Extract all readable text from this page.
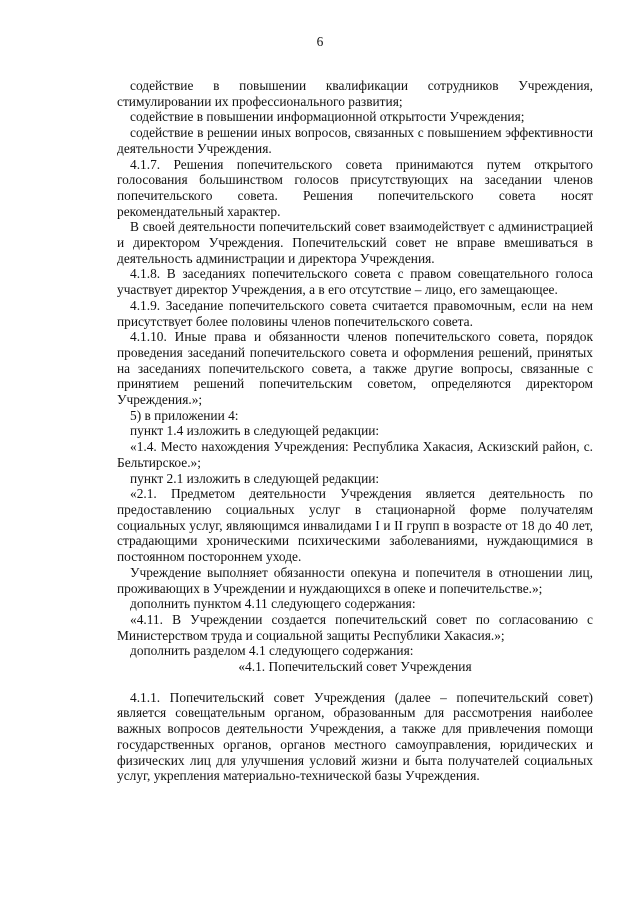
6

содействие в повышении квалификации сотрудников Учреждения, стимулировании их профессионального развития;

содействие в повышении информационной открытости Учреждения;

содействие в решении иных вопросов, связанных с повышением эффективности деятельности Учреждения.

4.1.7. Решения попечительского совета принимаются путем открытого голосования большинством голосов присутствующих на заседании членов попечительского совета. Решения попечительского совета носят рекомендательный характер.

В своей деятельности попечительский совет взаимодействует с администрацией и директором Учреждения. Попечительский совет не вправе вмешиваться в деятельность администрации и директора Учреждения.

4.1.8. В заседаниях попечительского совета с правом совещательного голоса участвует директор Учреждения, а в его отсутствие – лицо, его замещающее.

4.1.9. Заседание попечительского совета считается правомочным, если на нем присутствует более половины членов попечительского совета.

4.1.10. Иные права и обязанности членов попечительского совета, порядок проведения заседаний попечительского совета и оформления решений, принятых на заседаниях попечительского совета, а также другие вопросы, связанные с принятием решений попечительским советом, определяются директором Учреждения.»;

5) в приложении 4:

пункт 1.4 изложить в следующей редакции:

«1.4. Место нахождения Учреждения: Республика Хакасия, Аскизский район, с. Бельтирское.»;

пункт 2.1 изложить в следующей редакции:

«2.1. Предметом деятельности Учреждения является деятельность по предоставлению социальных услуг в стационарной форме получателям социальных услуг, являющимся инвалидами I и II групп в возрасте от 18 до 40 лет, страдающими хроническими психическими заболеваниями, нуждающимися в постоянном постороннем уходе.

Учреждение выполняет обязанности опекуна и попечителя в отношении лиц, проживающих в Учреждении и нуждающихся в опеке и попечительстве.»;

дополнить пунктом 4.11 следующего содержания:

«4.11. В Учреждении создается попечительский совет по согласованию с Министерством труда и социальной защиты Республики Хакасия.»;

дополнить разделом 4.1 следующего содержания:

«4.1. Попечительский совет Учреждения

4.1.1. Попечительский совет Учреждения (далее – попечительский совет) является совещательным органом, образованным для рассмотрения наиболее важных вопросов деятельности Учреждения, а также для привлечения помощи государственных органов, органов местного самоуправления, юридических и физических лиц для улучшения условий жизни и быта получателей социальных услуг, укрепления материально-технической базы Учреждения.
